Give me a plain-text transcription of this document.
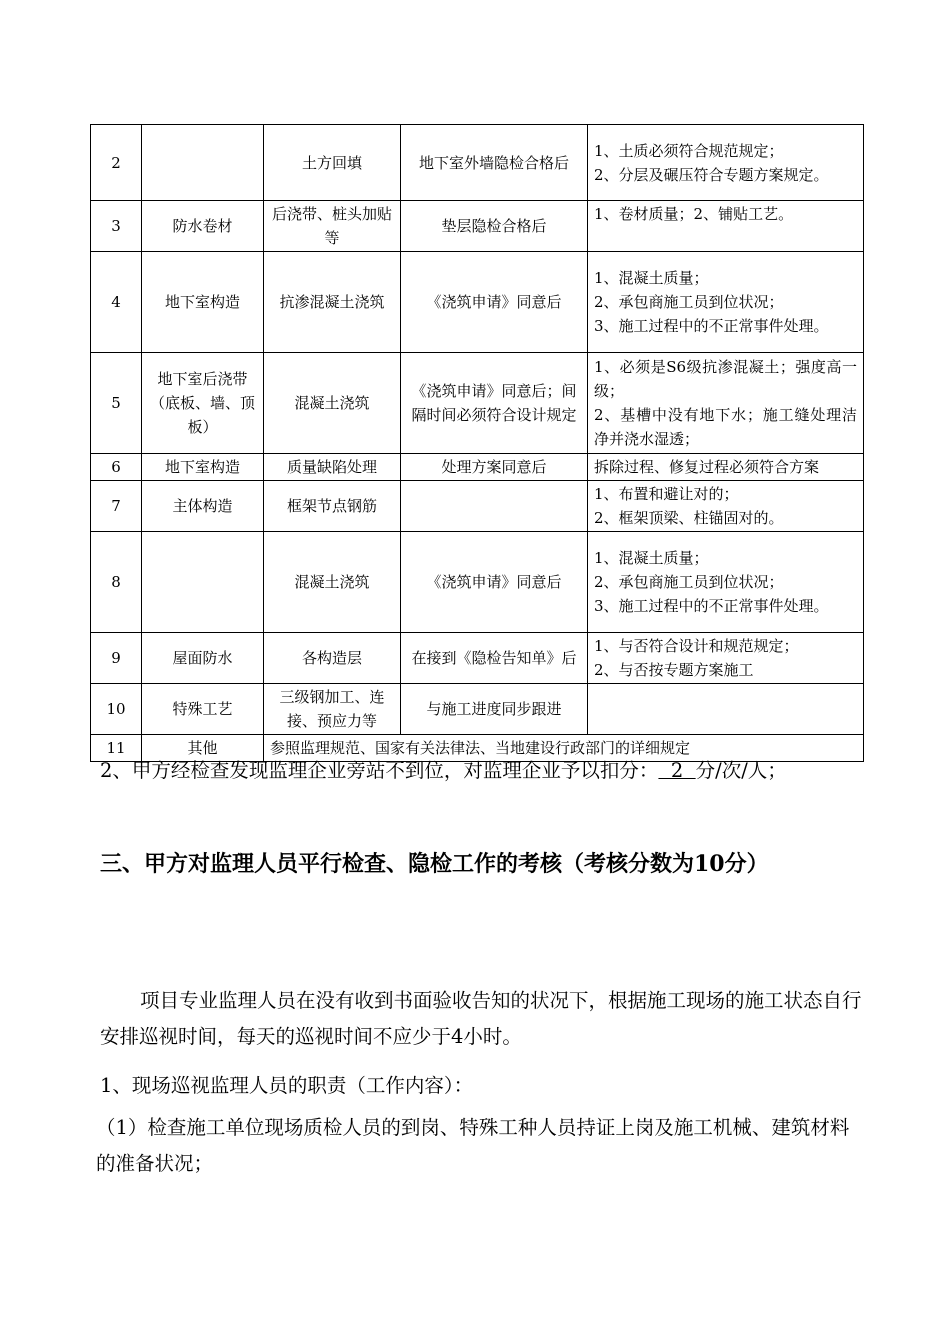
2		土方回填	地下室外墙隐检合格后	1、土质必须符合规范规定；
2、分层及碾压符合专题方案规定。

3	防水卷材	后浇带、桩头加贴等	垫层隐检合格后	1、卷材质量；2、铺贴工艺。

4	地下室构造	抗渗混凝土浇筑	《浇筑申请》同意后	1、混凝土质量；
2、承包商施工员到位状况；
3、施工过程中的不正常事件处理。

5	地下室后浇带（底板、墙、顶板）	混凝土浇筑	《浇筑申请》同意后；间隔时间必须符合设计规定	1、必须是S6级抗渗混凝土；强度高一级；
2、基槽中没有地下水；施工缝处理洁净并浇水湿透；

6	地下室构造	质量缺陷处理	处理方案同意后	拆除过程、修复过程必须符合方案

7	主体构造	框架节点钢筋		1、布置和避让对的；
2、框架顶梁、柱锚固对的。

8		混凝土浇筑	《浇筑申请》同意后	1、混凝土质量；
2、承包商施工员到位状况；
3、施工过程中的不正常事件处理。

9	屋面防水	各构造层	在接到《隐检告知单》后	1、与否符合设计和规范规定；
2、与否按专题方案施工

10	特殊工艺	三级钢加工、连接、预应力等	与施工进度同步跟进	
11	其他	参照监理规范、国家有关法律法、当地建设行政部门的详细规定		
2、甲方经检查发现监理企业旁站不到位，对监理企业予以扣分：  2  分/次/人；
三、甲方对监理人员平行检查、隐检工作的考核（考核分数为10分）
项目专业监理人员在没有收到书面验收告知的状况下，根据施工现场的施工状态自行安排巡视时间，每天的巡视时间不应少于4小时。
1、现场巡视监理人员的职责（工作内容）：
（1）检查施工单位现场质检人员的到岗、特殊工种人员持证上岗及施工机械、建筑材料的准备状况；
